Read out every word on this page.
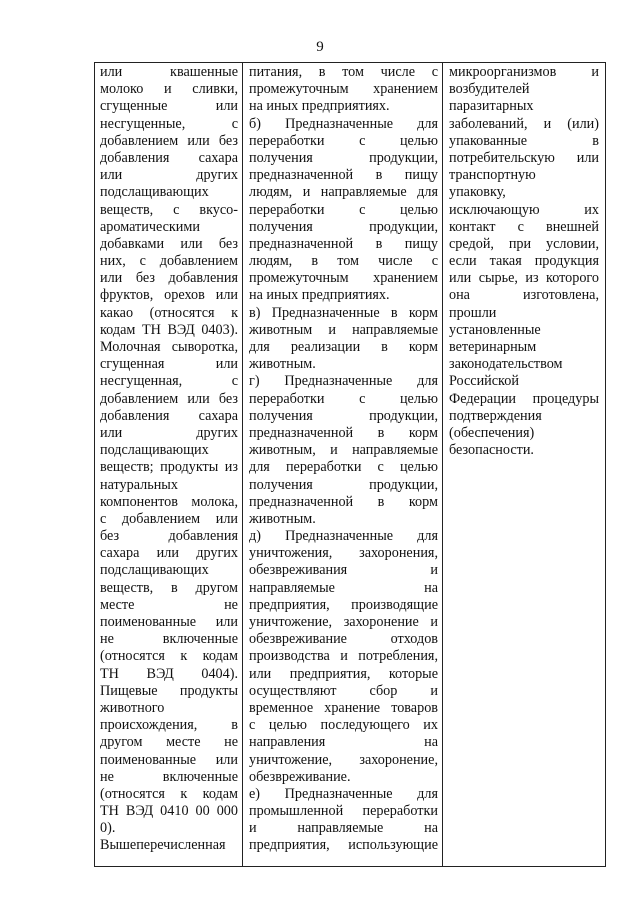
9
или квашенные
молоко и сливки,
сгущенные или
несгущенные, с
добавлением или без
добавления сахара
или других
подслащивающих
веществ, с вкусо-
ароматическими
добавками или без
них, с добавлением
или без добавления
фруктов, орехов или
какао (относятся к
кодам ТН ВЭД 0403).
Молочная сыворотка,
сгущенная или
несгущенная, с
добавлением или без
добавления сахара
или других
подслащивающих
веществ; продукты из
натуральных
компонентов молока,
с добавлением или
без добавления
сахара или других
подслащивающих
веществ, в другом
месте не
поименованные или
не включенные
(относятся к кодам
ТН ВЭД 0404).
Пищевые продукты
животного
происхождения, в
другом месте не
поименованные или
не включенные
(относятся к кодам
ТН ВЭД 0410 00 000
0).
Вышеперечисленная
питания, в том числе с
промежуточным хранением
на иных предприятиях.
б) Предназначенные для
переработки с целью
получения продукции,
предназначенной в пищу
людям, и направляемые для
переработки с целью
получения продукции,
предназначенной в пищу
людям, в том числе с
промежуточным хранением
на иных предприятиях.
в) Предназначенные в корм
животным и направляемые
для реализации в корм
животным.
г) Предназначенные для
переработки с целью
получения продукции,
предназначенной в корм
животным, и направляемые
для переработки с целью
получения продукции,
предназначенной в корм
животным.
д) Предназначенные для
уничтожения, захоронения,
обезвреживания и
направляемые на
предприятия, производящие
уничтожение, захоронение и
обезвреживание отходов
производства и потребления,
или предприятия, которые
осуществляют сбор и
временное хранение товаров
с целью последующего их
направления на
уничтожение, захоронение,
обезвреживание.
е) Предназначенные для
промышленной переработки
и направляемые на
предприятия, использующие
микроорганизмов и
возбудителей
паразитарных
заболеваний, и (или)
упакованные в
потребительскую или
транспортную
упаковку,
исключающую их
контакт с внешней
средой, при условии,
если такая продукция
или сырье, из которого
она изготовлена,
прошли
установленные
ветеринарным
законодательством
Российской
Федерации процедуры
подтверждения
(обеспечения)
безопасности.
